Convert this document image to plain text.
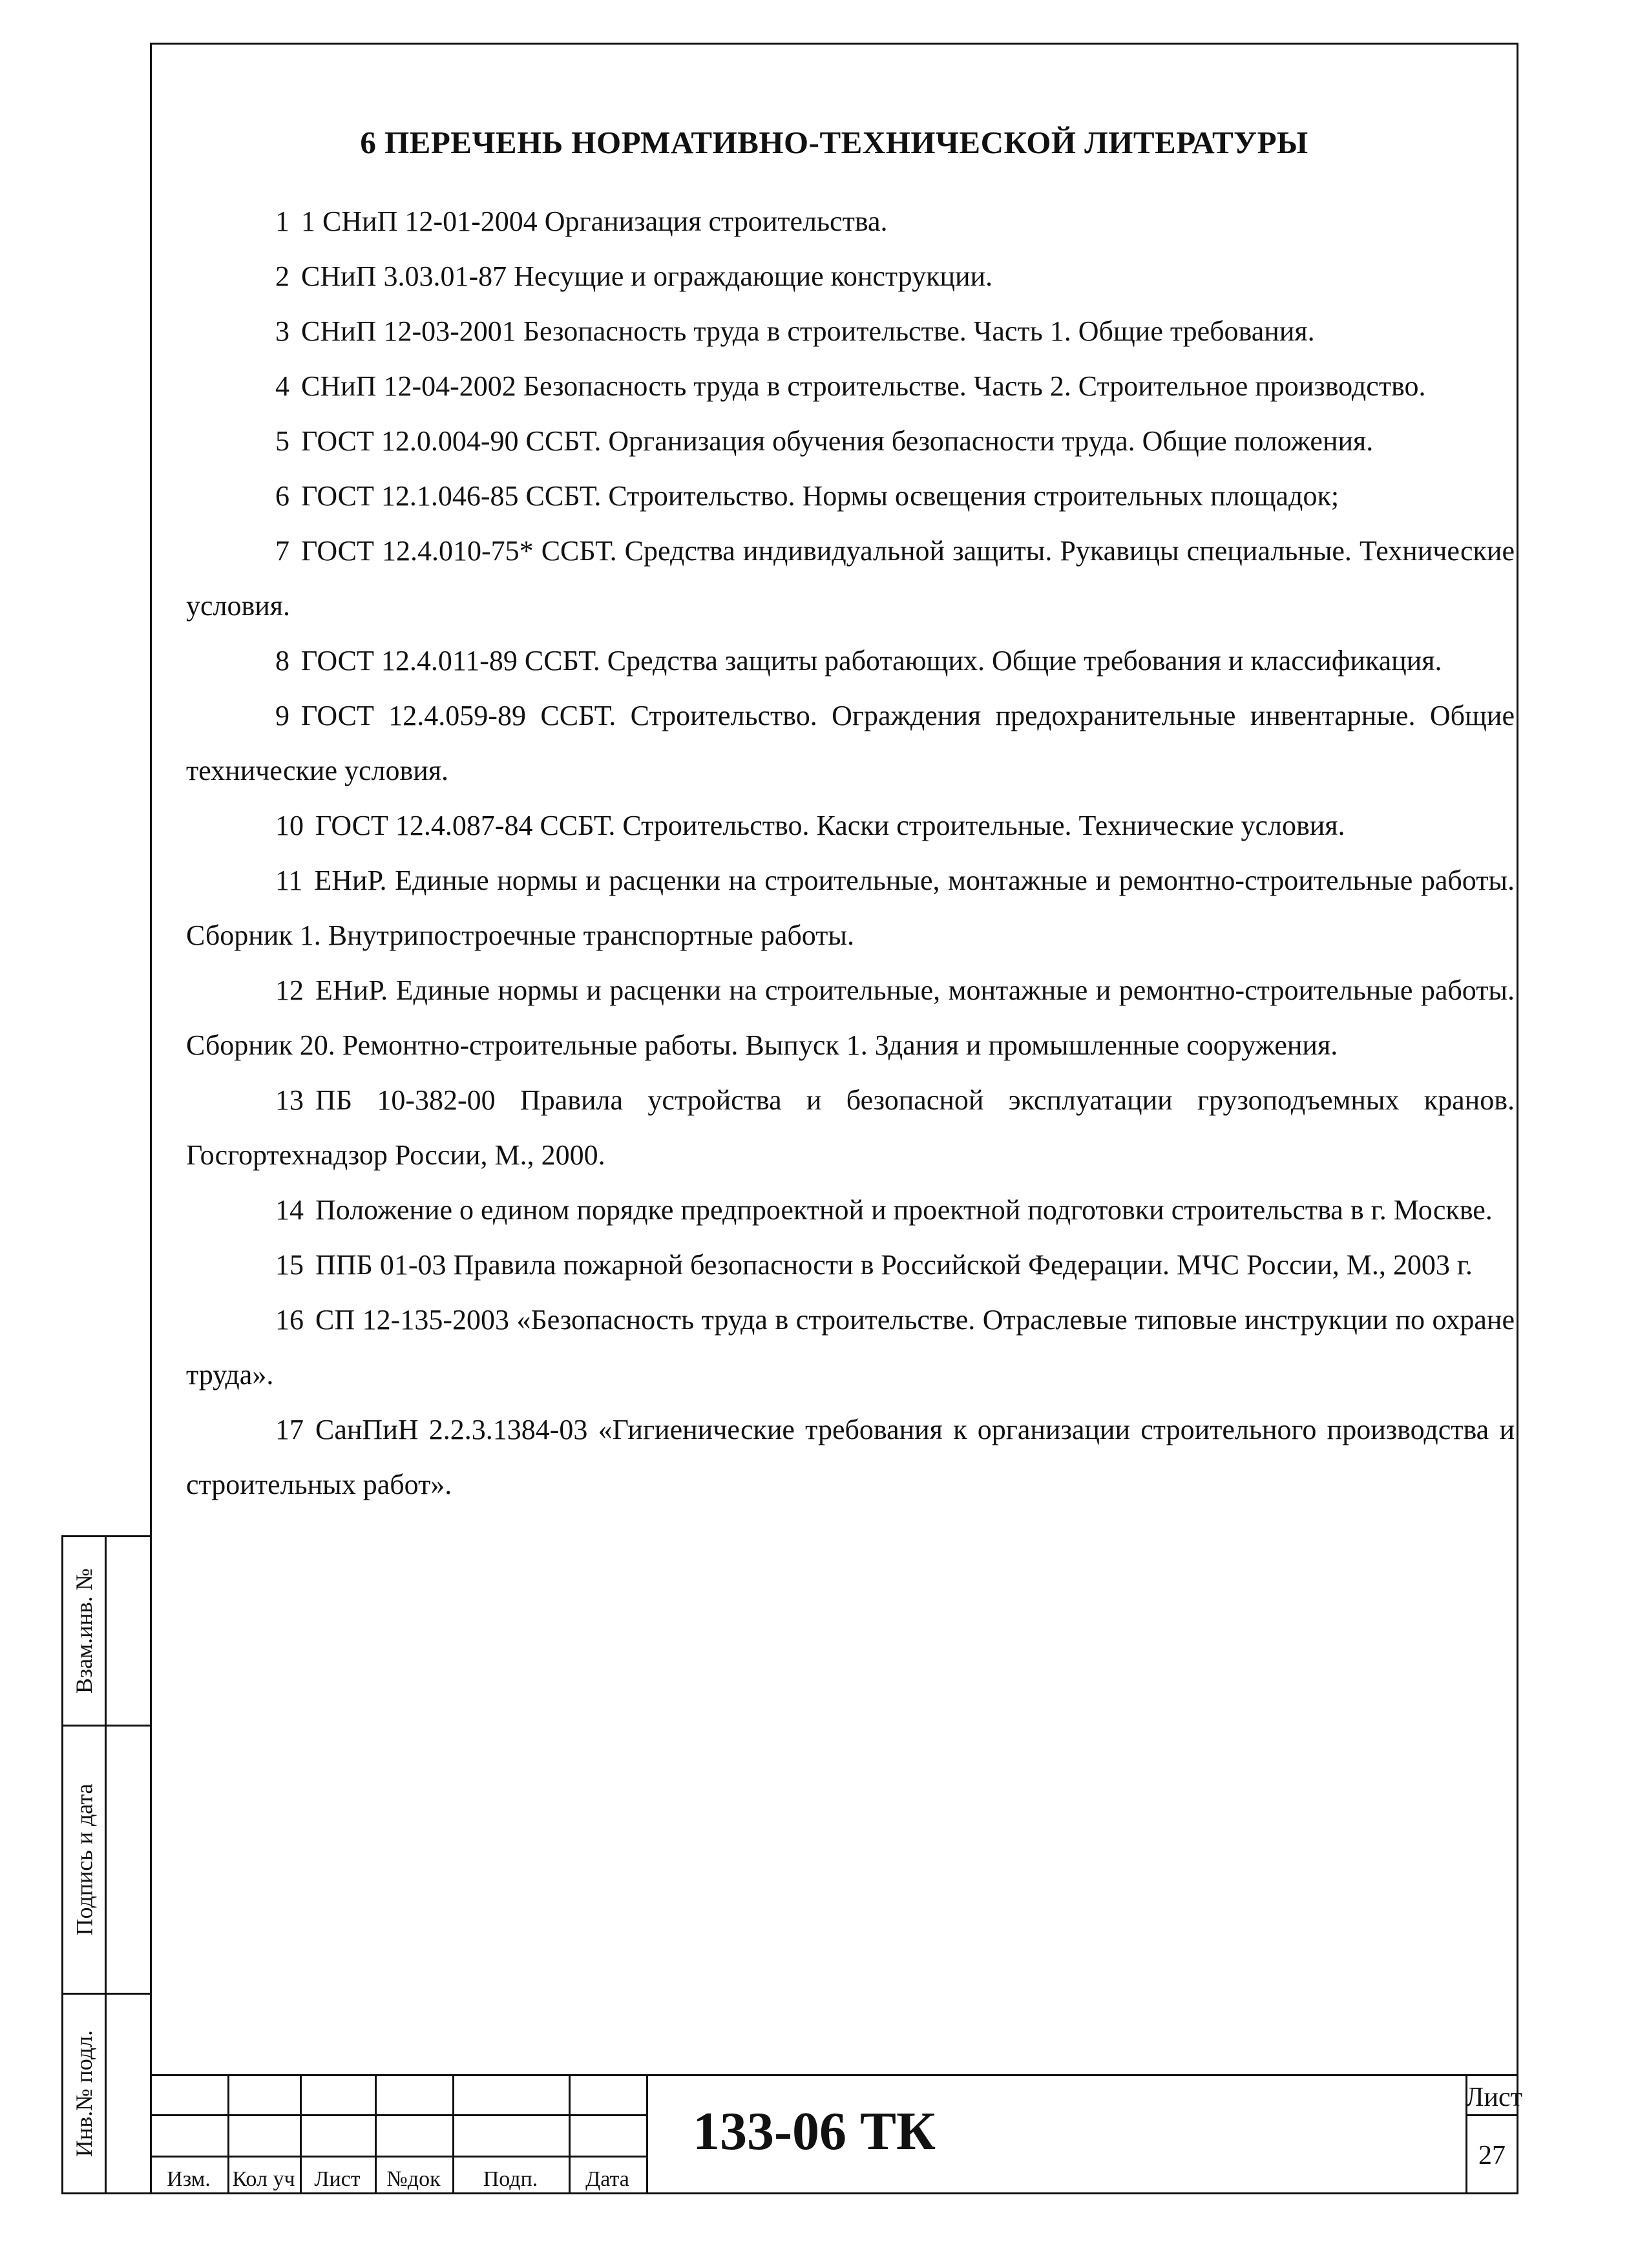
6 ПЕРЕЧЕНЬ НОРМАТИВНО-ТЕХНИЧЕСКОЙ ЛИТЕРАТУРЫ
1 1 СНиП 12-01-2004 Организация строительства.
2 СНиП 3.03.01-87 Несущие и ограждающие конструкции.
3 СНиП 12-03-2001 Безопасность труда в строительстве. Часть 1. Общие требования.
4 СНиП 12-04-2002 Безопасность труда в строительстве. Часть 2. Строительное производство.
5 ГОСТ 12.0.004-90 ССБТ. Организация обучения безопасности труда. Общие положения.
6 ГОСТ 12.1.046-85 ССБТ. Строительство. Нормы освещения строительных площадок;
7 ГОСТ 12.4.010-75* ССБТ. Средства индивидуальной защиты. Рукавицы специальные. Технические условия.
8 ГОСТ 12.4.011-89 ССБТ. Средства защиты работающих. Общие требования и классификация.
9 ГОСТ 12.4.059-89 ССБТ. Строительство. Ограждения предохранительные инвентарные. Общие технические условия.
10 ГОСТ 12.4.087-84 ССБТ. Строительство. Каски строительные. Технические условия.
11 ЕНиР. Единые нормы и расценки на строительные, монтажные и ремонтно-строительные работы. Сборник 1. Внутрипостроечные транспортные работы.
12 ЕНиР. Единые нормы и расценки на строительные, монтажные и ремонтно-строительные работы. Сборник 20. Ремонтно-строительные работы. Выпуск 1. Здания и промышленные сооружения.
13 ПБ 10-382-00 Правила устройства и безопасной эксплуатации грузоподъемных кранов. Госгортехнадзор России, М., 2000.
14 Положение о едином порядке предпроектной и проектной подготовки строительства в г. Москве.
15 ППБ 01-03 Правила пожарной безопасности в Российской Федерации. МЧС России, М., 2003 г.
16 СП 12-135-2003 «Безопасность труда в строительстве. Отраслевые типовые инструкции по охране труда».
17 СанПиН 2.2.3.1384-03 «Гигиенические требования к организации строительного производства и строительных работ».
Взам.инв. №
Подпись и дата
Инв.№ подл.
Изм. Кол уч Лист	№док	Подп.	Дата
133-06 ТК
Лист
27
